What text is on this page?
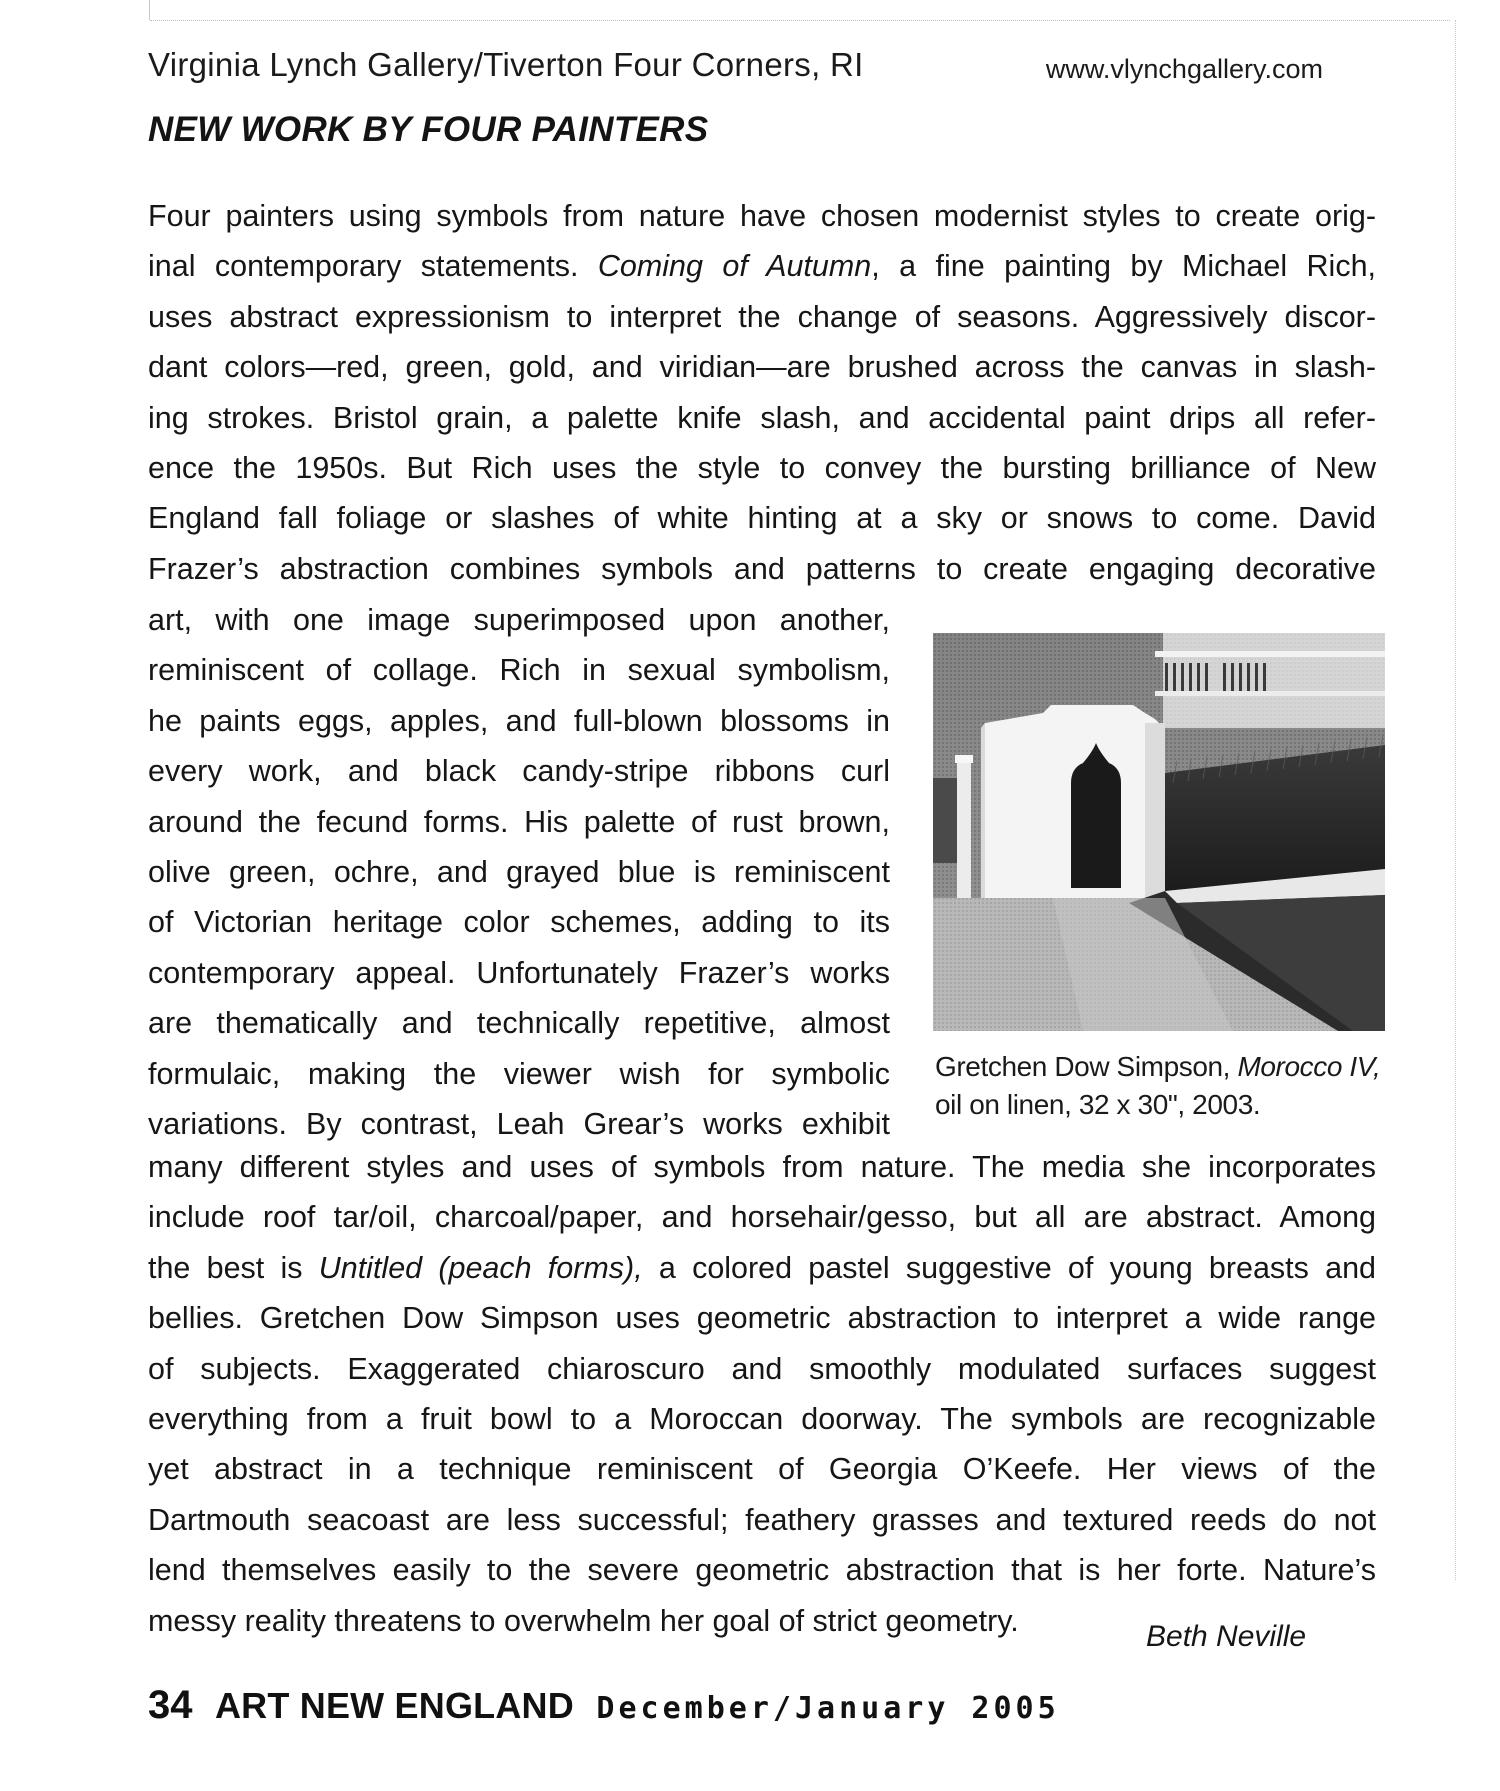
Virginia Lynch Gallery/Tiverton Four Corners, RI	www.vlynchgallery.com
NEW WORK BY FOUR PAINTERS
Four painters using symbols from nature have chosen modernist styles to create orig-
inal contemporary statements. Coming of Autumn, a fine painting by Michael Rich,
uses abstract expressionism to interpret the change of seasons. Aggressively discor-
dant colors—red, green, gold, and viridian—are brushed across the canvas in slash-
ing strokes. Bristol grain, a palette knife slash, and accidental paint drips all refer-
ence the 1950s. But Rich uses the style to convey the bursting brilliance of New
England fall foliage or slashes of white hinting at a sky or snows to come. David
Frazer’s abstraction combines symbols and patterns to create engaging decorative
art, with one image superimposed upon another,
reminiscent of collage. Rich in sexual symbolism,
he paints eggs, apples, and full-blown blossoms in
every work, and black candy-stripe ribbons curl
around the fecund forms. His palette of rust brown,
olive green, ochre, and grayed blue is reminiscent
of Victorian heritage color schemes, adding to its
contemporary appeal. Unfortunately Frazer’s works
are thematically and technically repetitive, almost
formulaic, making the viewer wish for symbolic
variations. By contrast, Leah Grear’s works exhibit
many different styles and uses of symbols from nature. The media she incorporates
include roof tar/oil, charcoal/paper, and horsehair/gesso, but all are abstract. Among
the best is Untitled (peach forms), a colored pastel suggestive of young breasts and
bellies. Gretchen Dow Simpson uses geometric abstraction to interpret a wide range
of subjects. Exaggerated chiaroscuro and smoothly modulated surfaces suggest
everything from a fruit bowl to a Moroccan doorway. The symbols are recognizable
yet abstract in a technique reminiscent of Georgia O’Keefe. Her views of the
Dartmouth seacoast are less successful; feathery grasses and textured reeds do not
lend themselves easily to the severe geometric abstraction that is her forte. Nature’s
messy reality threatens to overwhelm her goal of strict geometry.
Gretchen Dow Simpson, Morocco IV,
oil on linen, 32 x 30", 2003.
Beth Neville
34 ART NEW ENGLAND December/January 2005
